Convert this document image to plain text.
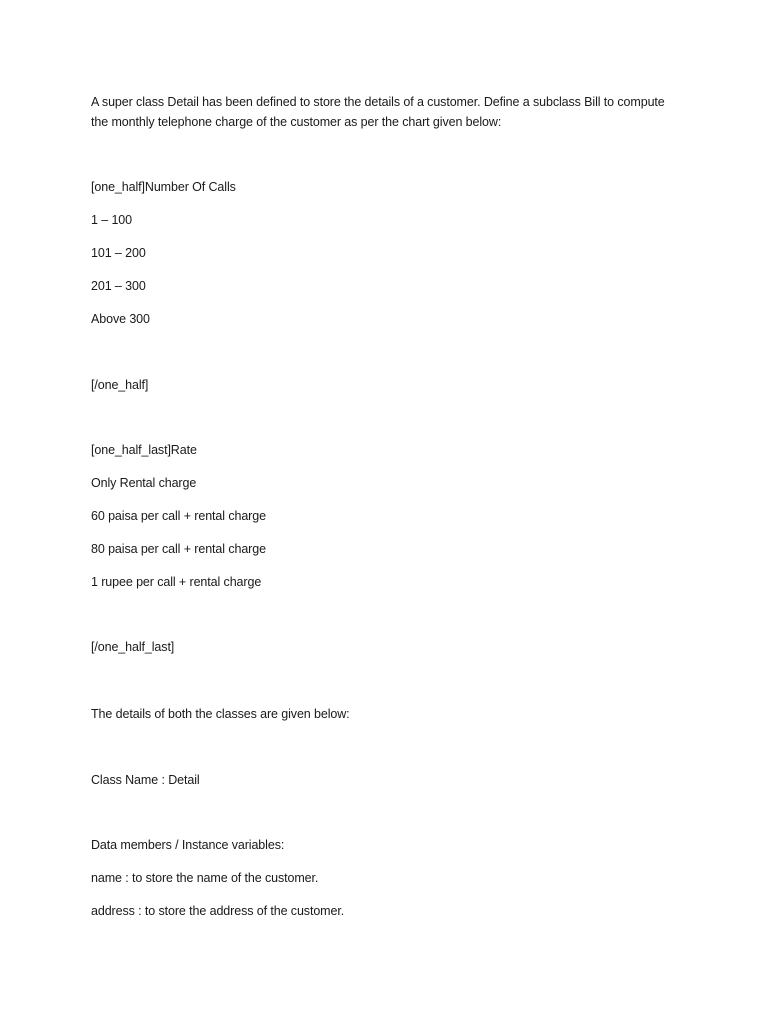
A super class Detail has been defined to store the details of a customer. Define a subclass Bill to compute
the monthly telephone charge of the customer as per the chart given below:
[one_half]Number Of Calls
1 – 100
101 – 200
201 – 300
Above 300
[/one_half]
[one_half_last]Rate
Only Rental charge
60 paisa per call + rental charge
80 paisa per call + rental charge
1 rupee per call + rental charge
[/one_half_last]
The details of both the classes are given below:
Class Name : Detail
Data members / Instance variables:
name : to store the name of the customer.
address : to store the address of the customer.
